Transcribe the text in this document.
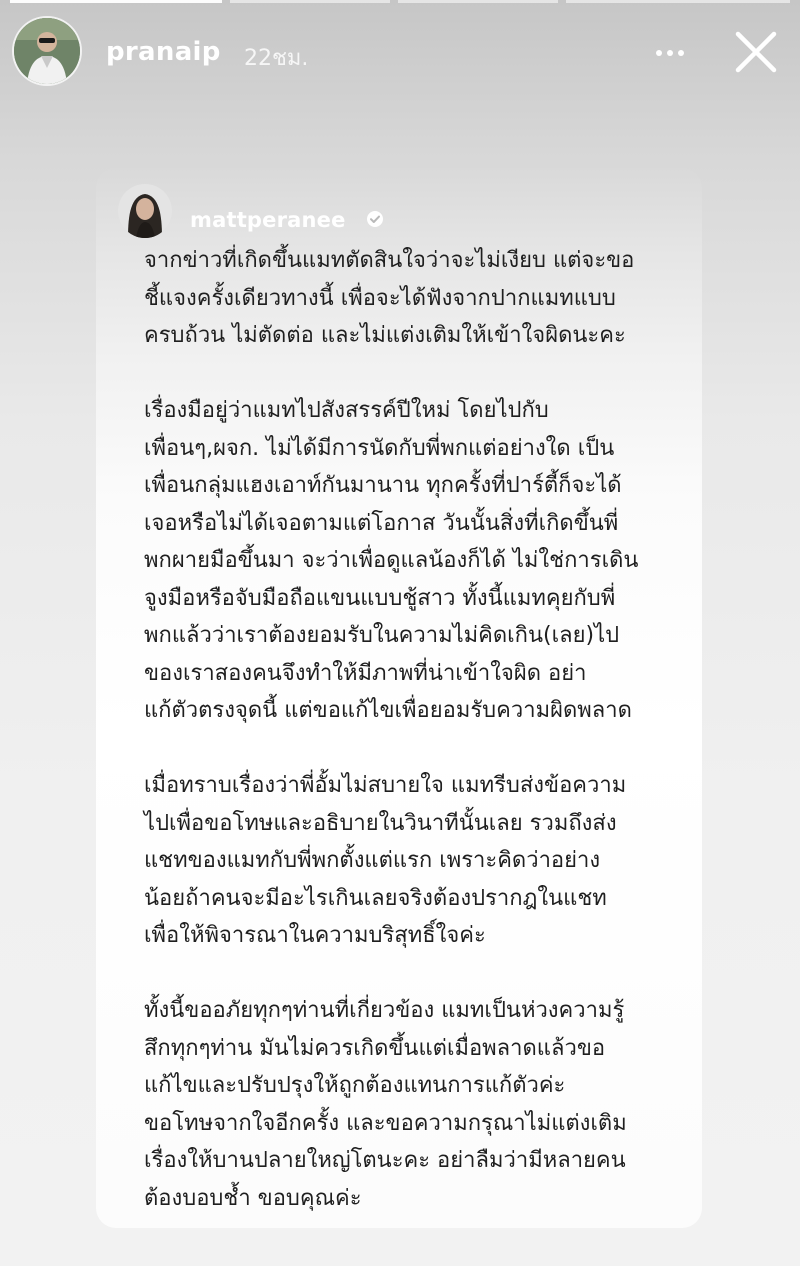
pranaip 22ชม.
mattperanee
จากข่าวที่เกิดขึ้นแมทตัดสินใจว่าจะไม่เงียบ แต่จะขอ
ชี้แจงครั้งเดียวทางนี้ เพื่อจะได้ฟังจากปากแมทแบบ
ครบถ้วน ไม่ตัดต่อ และไม่แต่งเติมให้เข้าใจผิดนะคะ
เรื่องมือยู่ว่าแมทไปสังสรรค์ปีใหม่ โดยไปกับ
เพื่อนๆ,ผจก. ไม่ได้มีการนัดกับพี่พกแต่อย่างใด เป็น
เพื่อนกลุ่มแฮงเอาท์กันมานาน ทุกครั้งที่ปาร์ตี้ก็จะได้
เจอหรือไม่ได้เจอตามแต่โอกาส วันนั้นสิ่งที่เกิดขึ้นพี่
พกผายมือขึ้นมา จะว่าเพื่อดูแลน้องก็ได้ ไม่ใช่การเดิน
จูงมือหรือจับมือถือแขนแบบชู้สาว ทั้งนี้แมทคุยกับพี่
พกแล้วว่าเราต้องยอมรับในความไม่คิดเกิน(เลย)ไป
ของเราสองคนจึงทำให้มีภาพที่น่าเข้าใจผิด อย่า
แก้ตัวตรงจุดนี้ แต่ขอแก้ไขเพื่อยอมรับความผิดพลาด
เมื่อทราบเรื่องว่าพี่อั้มไม่สบายใจ แมทรีบส่งข้อความ
ไปเพื่อขอโทษและอธิบายในวินาทีนั้นเลย รวมถึงส่ง
แชทของแมทกับพี่พกตั้งแต่แรก เพราะคิดว่าอย่าง
น้อยถ้าคนจะมีอะไรเกินเลยจริงต้องปรากฎในแชท
เพื่อให้พิจารณาในความบริสุทธิ์ใจค่ะ
ทั้งนี้ขออภัยทุกๆท่านที่เกี่ยวข้อง แมทเป็นห่วงความรู้
สึกทุกๆท่าน มันไม่ควรเกิดขึ้นแต่เมื่อพลาดแล้วขอ
แก้ไขและปรับปรุงให้ถูกต้องแทนการแก้ตัวค่ะ
ขอโทษจากใจอีกครั้ง และขอความกรุณาไม่แต่งเติม
เรื่องให้บานปลายใหญ่โตนะคะ อย่าลืมว่ามีหลายคน
ต้องบอบช้ำ ขอบคุณค่ะ
